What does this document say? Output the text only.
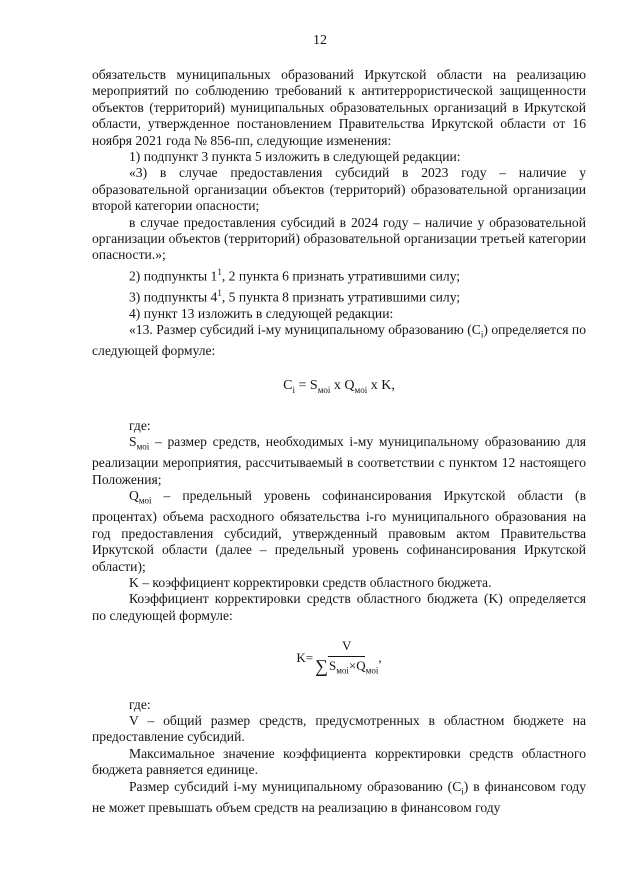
12

обязательств муниципальных образований Иркутской области на реализацию мероприятий по соблюдению требований к антитеррористической защищенности объектов (территорий) муниципальных образовательных организаций в Иркутской области, утвержденное постановлением Правительства Иркутской области от 16 ноября 2021 года № 856-пп, следующие изменения:

1) подпункт 3 пункта 5 изложить в следующей редакции:

«3) в случае предоставления субсидий в 2023 году – наличие у образовательной организации объектов (территорий) образовательной организации второй категории опасности;

в случае предоставления субсидий в 2024 году – наличие у образовательной организации объектов (территорий) образовательной организации третьей категории опасности.»;

2) подпункты $1^1$, 2 пункта 6 признать утратившими силу;

3) подпункты $4^1$, 5 пункта 8 признать утратившими силу;

4) пункт 13 изложить в следующей редакции:

«13. Размер субсидий i-му муниципальному образованию $(C_i)$ определяется по следующей формуле:

$C_i = S_{моi}$ x $Q_{моi}$ x K,

где:

$S_{моi}$ – размер средств, необходимых i-му муниципальному образованию для реализации мероприятия, рассчитываемый в соответствии с пунктом 12 настоящего Положения;

$Q_{моi}$ – предельный уровень софинансирования Иркутской области (в процентах) объема расходного обязательства i-го муниципального образования на год предоставления субсидий, утвержденный правовым актом Правительства Иркутской области (далее – предельный уровень софинансирования Иркутской области);

K – коэффициент корректировки средств областного бюджета.

Коэффициент корректировки средств областного бюджета (K) определяется по следующей формуле:

$K= \frac{V}{\sum S_{моi}\times Q_{моi}}$ ,

где:

V – общий размер средств, предусмотренных в областном бюджете на предоставление субсидий.

Максимальное значение коэффициента корректировки средств областного бюджета равняется единице.

Размер субсидий i-му муниципальному образованию $(C_i)$ в финансовом году не может превышать объем средств на реализацию в финансовом году
